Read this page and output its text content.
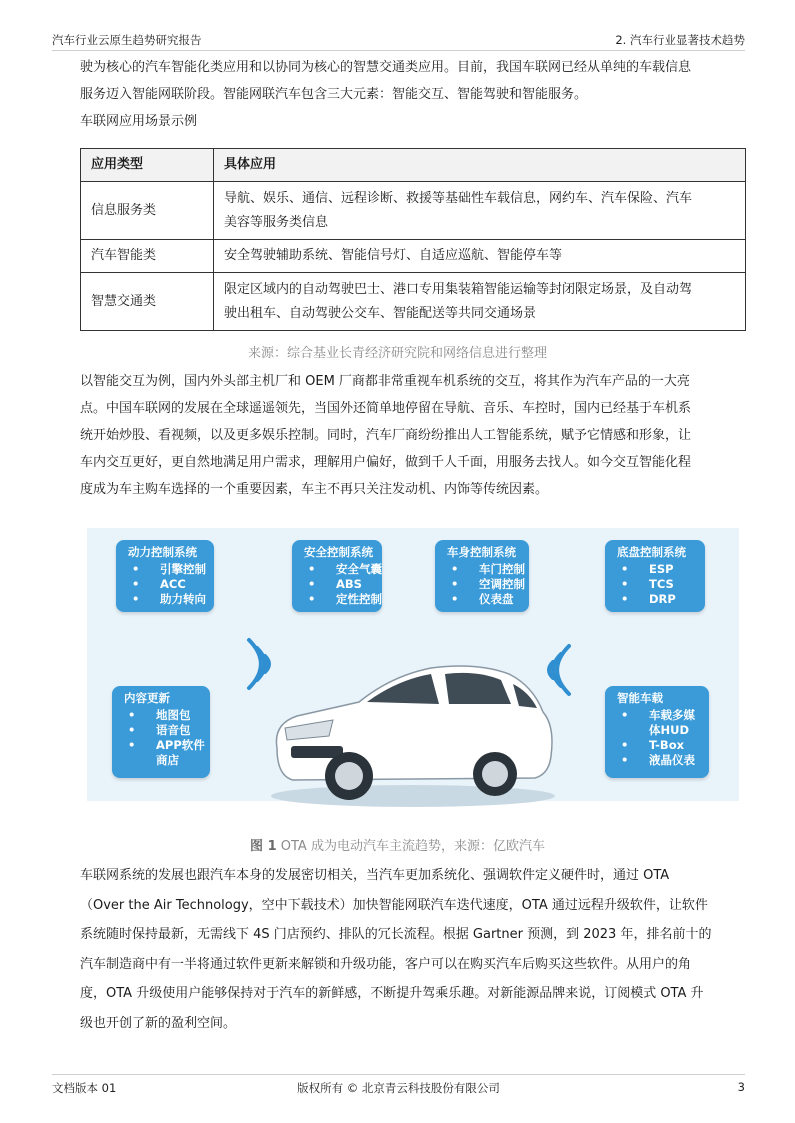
汽车行业云原生趋势研究报告	2. 汽车行业显著技术趋势
驶为核心的汽车智能化类应用和以协同为核心的智慧交通类应用。目前，我国车联网已经从单纯的车载信息
服务迈入智能网联阶段。智能网联汽车包含三大元素：智能交互、智能驾驶和智能服务。
车联网应用场景示例
应用类型	具体应用
信息服务类	导航、娱乐、通信、远程诊断、救援等基础性车载信息，网约车、汽车保险、汽车
美容等服务类信息

汽车智能类	安全驾驶辅助系统、智能信号灯、自适应巡航、智能停车等

智慧交通类	限定区域内的自动驾驶巴士、港口专用集装箱智能运输等封闭限定场景，及自动驾
驶出租车、自动驾驶公交车、智能配送等共同交通场景
来源：综合基业长青经济研究院和网络信息进行整理
以智能交互为例，国内外头部主机厂和 OEM 厂商都非常重视车机系统的交互，将其作为汽车产品的一大亮
点。中国车联网的发展在全球遥遥领先，当国外还简单地停留在导航、音乐、车控时，国内已经基于车机系
统开始炒股、看视频，以及更多娱乐控制。同时，汽车厂商纷纷推出人工智能系统，赋予它情感和形象，让
车内交互更好，更自然地满足用户需求，理解用户偏好，做到千人千面，用服务去找人。如今交互智能化程
度成为车主购车选择的一个重要因素，车主不再只关注发动机、内饰等传统因素。
动力控制系统
• 引擎控制
• ACC
• 助力转向
安全控制系统
• 安全气囊
• ABS
• 定性控制
车身控制系统
• 车门控制
• 空调控制
• 仪表盘
底盘控制系统
• ESP
• TCS
• DRP
内容更新
• 地图包
• 语音包
• APP软件
商店
智能车载
• 车载多媒
体HUD
• T-Box
• 液晶仪表
图 1 OTA 成为电动汽车主流趋势，来源：亿欧汽车
车联网系统的发展也跟汽车本身的发展密切相关，当汽车更加系统化、强调软件定义硬件时，通过 OTA
（Over the Air Technology，空中下载技术）加快智能网联汽车迭代速度，OTA 通过远程升级软件，让软件
系统随时保持最新，无需线下 4S 门店预约、排队的冗长流程。根据 Gartner 预测，到 2023 年，排名前十的
汽车制造商中有一半将通过软件更新来解锁和升级功能，客户可以在购买汽车后购买这些软件。从用户的角
度，OTA 升级使用户能够保持对于汽车的新鲜感，不断提升驾乘乐趣。对新能源品牌来说，订阅模式 OTA 升
级也开创了新的盈利空间。
文档版本 01	版权所有 © 北京青云科技股份有限公司	3
